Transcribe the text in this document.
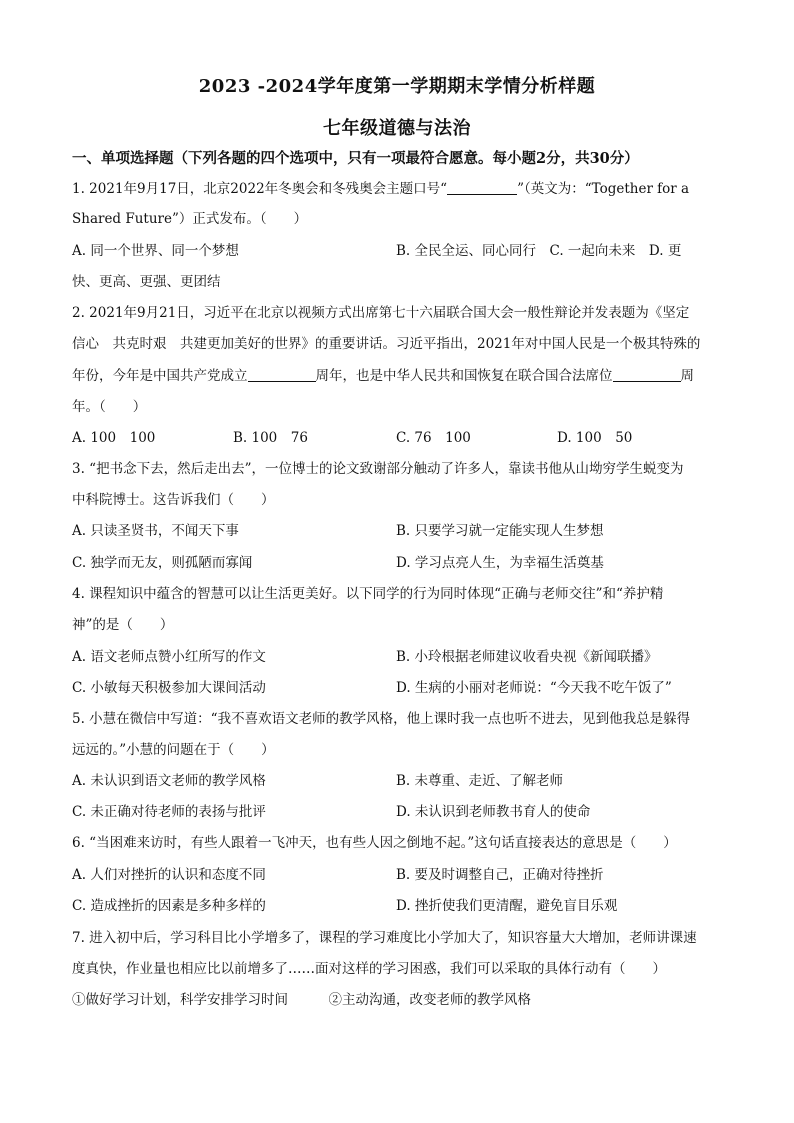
2023 -2024学年度第一学期期末学情分析样题
七年级道德与法治
一、单项选择题（下列各题的四个选项中，只有一项最符合愿意。每小题2分，共30分）
1. 2021年9月17日，北京2022年冬奥会和冬残奥会主题口号“	”（英文为：“Together for a
Shared Future”）正式发布。（　　）
A. 同一个世界、同一个梦想	B. 全民全运、同心同行　C. 一起向未来　D. 更
快、更高、更强、更团结
2. 2021年9月21日，习近平在北京以视频方式出席第七十六届联合国大会一般性辩论并发表题为《坚定
信心　共克时艰　共建更加美好的世界》的重要讲话。习近平指出，2021年对中国人民是一个极其特殊的
年份，今年是中国共产党成立	周年，也是中华人民共和国恢复在联合国合法席位	周
年。（　　）
A. 100　100	B. 100　76	C. 76　100	D. 100　50
3. “把书念下去，然后走出去”，一位博士的论文致谢部分触动了许多人，靠读书他从山坳穷学生蜕变为
中科院博士。这告诉我们（　　）
A. 只读圣贤书，不闻天下事	B. 只要学习就一定能实现人生梦想
C. 独学而无友，则孤陋而寡闻	D. 学习点亮人生，为幸福生活奠基
4. 课程知识中蕴含的智慧可以让生活更美好。以下同学的行为同时体现“正确与老师交往”和“养护精
神”的是（　　）
A. 语文老师点赞小红所写的作文	B. 小玲根据老师建议收看央视《新闻联播》
C. 小敏每天积极参加大课间活动	D. 生病的小丽对老师说：“今天我不吃午饭了”
5. 小慧在微信中写道：“我不喜欢语文老师的教学风格，他上课时我一点也听不进去，见到他我总是躲得
远远的。”小慧的问题在于（　　）
A. 未认识到语文老师的教学风格	B. 未尊重、走近、了解老师
C. 未正确对待老师的表扬与批评	D. 未认识到老师教书育人的使命
6. “当困难来访时，有些人跟着一飞冲天，也有些人因之倒地不起。”这句话直接表达的意思是（　　）
A. 人们对挫折的认识和态度不同	B. 要及时调整自己，正确对待挫折
C. 造成挫折的因素是多种多样的	D. 挫折使我们更清醒，避免盲目乐观
7. 进入初中后，学习科目比小学增多了，课程的学习难度比小学加大了，知识容量大大增加，老师讲课速
度真快，作业量也相应比以前增多了……面对这样的学习困惑，我们可以采取的具体行动有（　　）
①做好学习计划，科学安排学习时间　　　②主动沟通，改变老师的教学风格
